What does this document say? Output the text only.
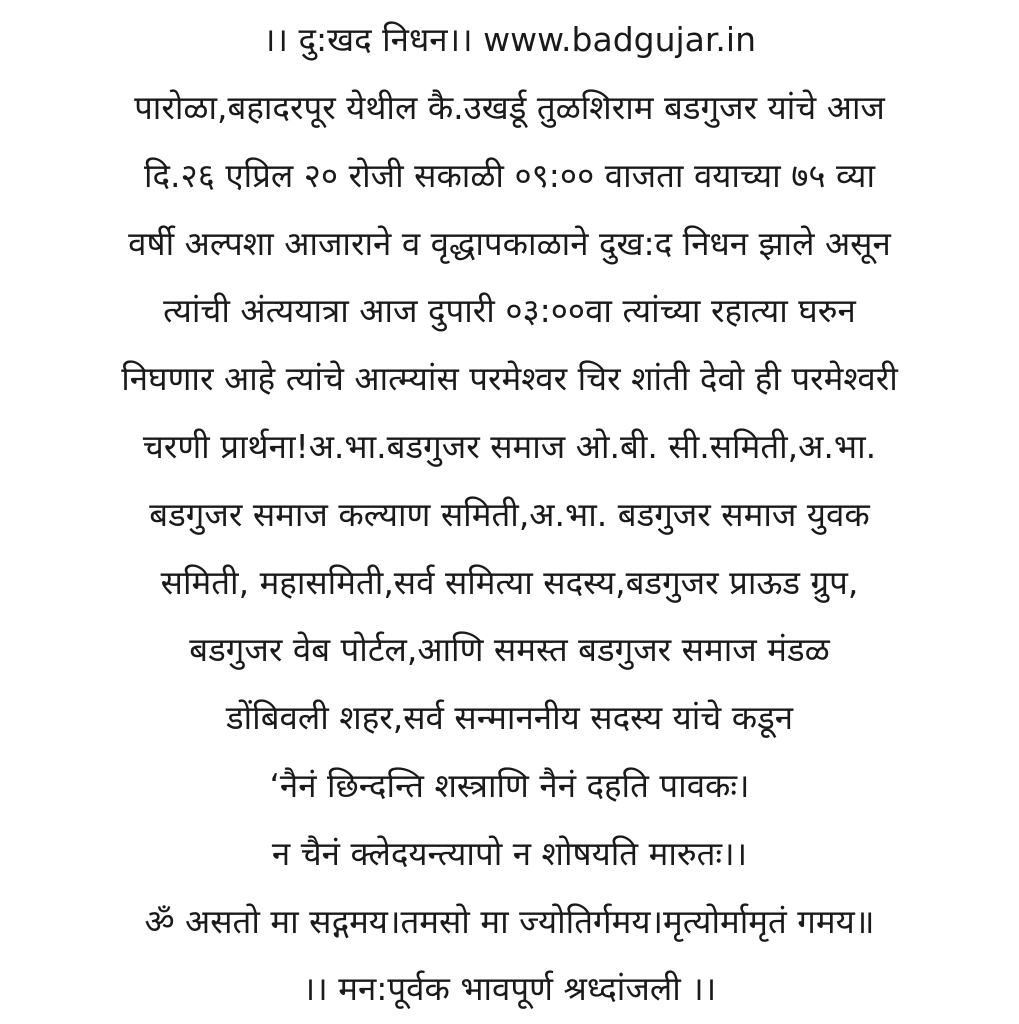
।। दु:खद निधन।। www.badgujar.in
पारोळा,बहादरपूर येथील कै.उखर्डू तुळशिराम बडगुजर यांचे आज
दि.२६ एप्रिल २० रोजी सकाळी ०९:०० वाजता वयाच्या ७५ व्या
वर्षी अल्पशा आजाराने व वृद्धापकाळाने दुख:द निधन झाले असून
त्यांची अंत्ययात्रा आज दुपारी ०३:००वा त्यांच्या रहात्या घरुन
निघणार आहे त्यांचे आत्म्यांस परमेश्वर चिर शांती देवो ही परमेश्वरी
चरणी प्रार्थना!अ.भा.बडगुजर समाज ओ.बी. सी.समिती,अ.भा.
बडगुजर समाज कल्याण समिती,अ.भा. बडगुजर समाज युवक
समिती, महासमिती,सर्व समित्या सदस्य,बडगुजर प्राऊड ग्रुप,
बडगुजर वेब पोर्टल,आणि समस्त बडगुजर समाज मंडळ
डोंबिवली शहर,सर्व सन्माननीय सदस्य यांचे कडून
‘नैनं छिन्दन्ति शस्त्राणि नैनं दहति पावकः।
न चैनं क्लेदयन्त्यापो न शोषयति मारुतः।।
ॐ असतो मा सद्गमय।तमसो मा ज्योतिर्गमय।मृत्योर्मामृतं गमय॥
।। मन:पूर्वक भावपूर्ण श्रध्दांजली ।।
